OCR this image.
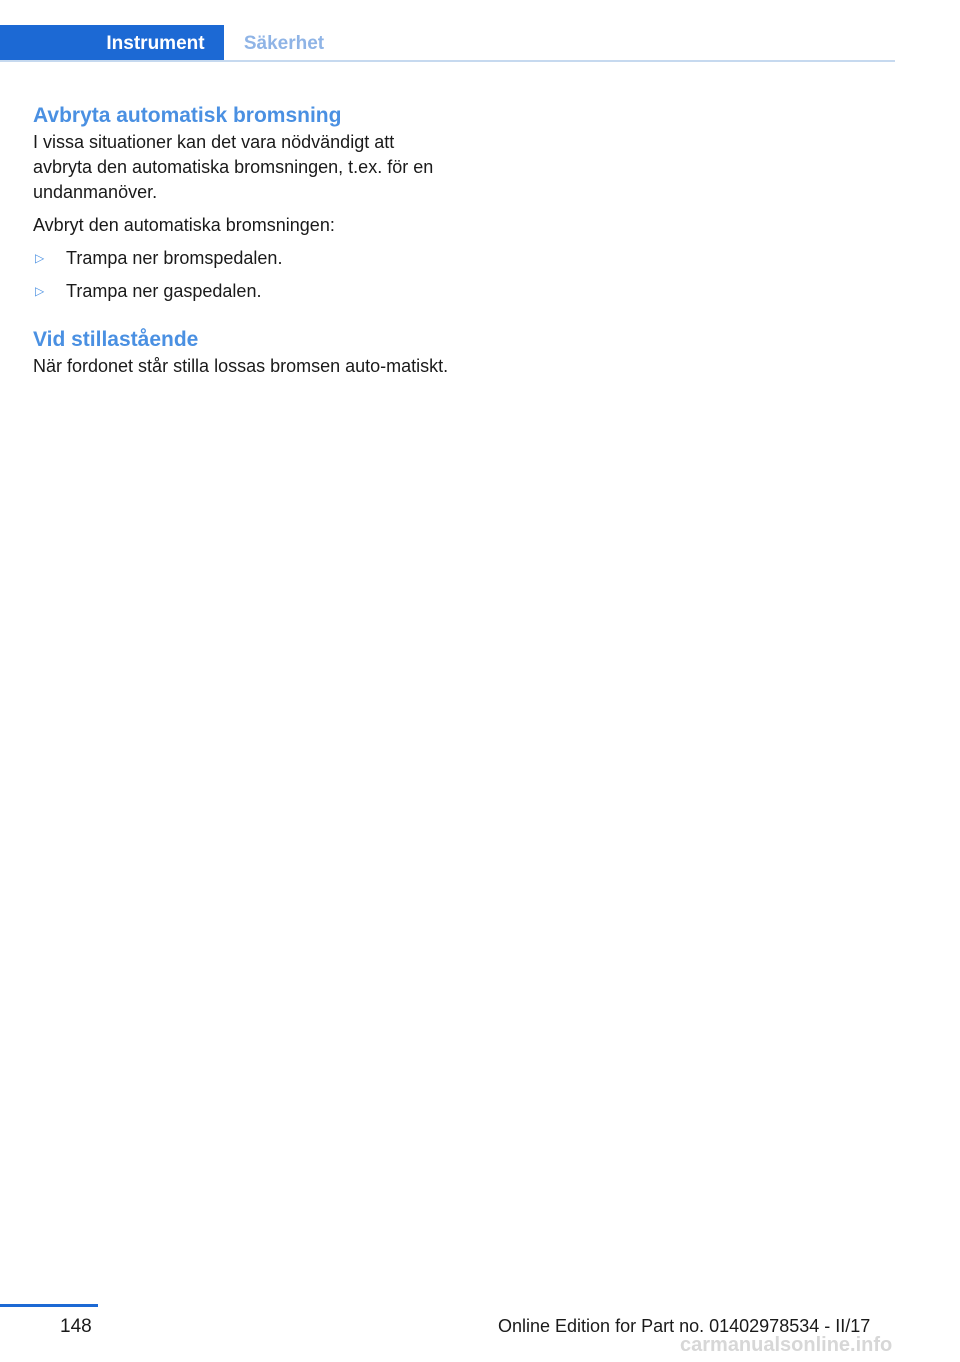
Instrument	Säkerhet
Avbryta automatisk bromsning

I vissa situationer kan det vara nödvändigt att avbryta den automatiska bromsningen, t.ex. för en undanmanöver.

Avbryt den automatiska bromsningen:

▷	Trampa ner bromspedalen.
▷	Trampa ner gaspedalen.
Vid stillastående

När fordonet står stilla lossas bromsen auto-matiskt.

148	Online Edition for Part no. 01402978534 - II/17
carmanualsonline.info
